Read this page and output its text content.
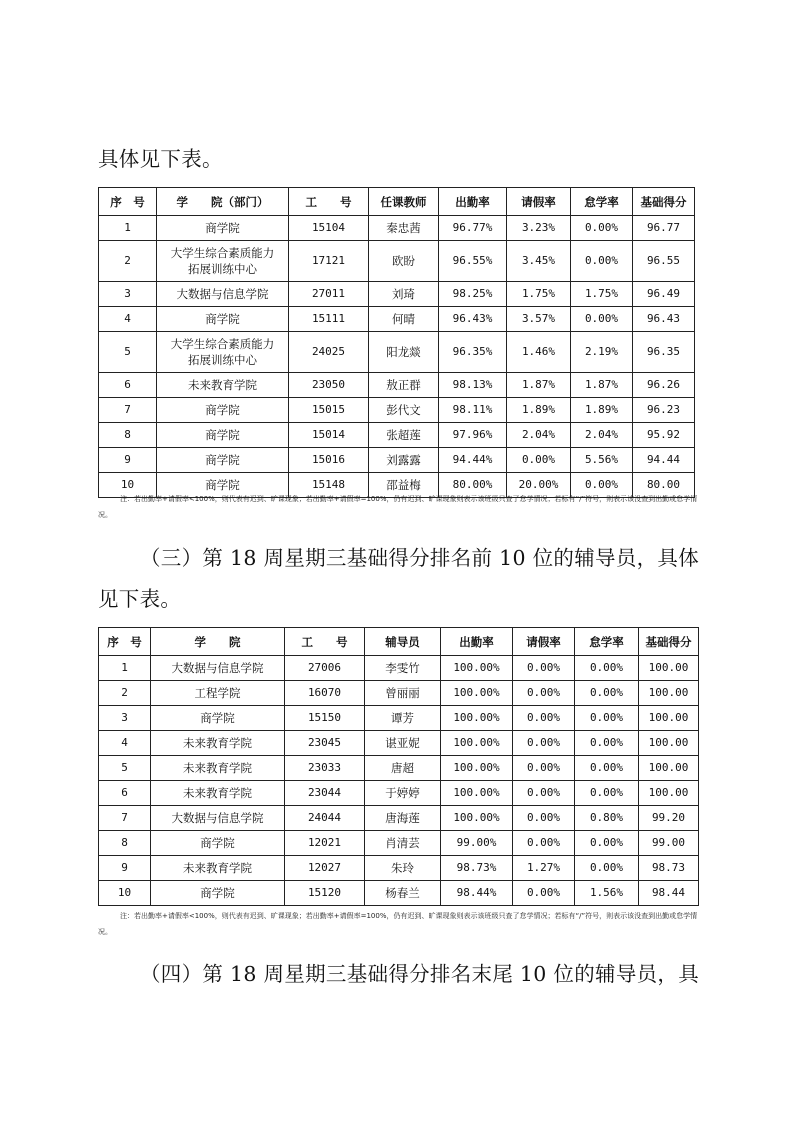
具体见下表。
序　号	学　　院（部门）	工　　号	任课教师	出勤率	请假率	怠学率	基础得分
1	商学院	15104	秦忠茜	96.77%	3.23%	0.00%	96.77
2	大学生综合素质能力拓展训练中心	17121	欧盼	96.55%	3.45%	0.00%	96.55
3	大数据与信息学院	27011	刘琦	98.25%	1.75%	1.75%	96.49
4	商学院	15111	何晴	96.43%	3.57%	0.00%	96.43
5	大学生综合素质能力拓展训练中心	24025	阳龙燚	96.35%	1.46%	2.19%	96.35
6	未来教育学院	23050	敖正群	98.13%	1.87%	1.87%	96.26
7	商学院	15015	彭代文	98.11%	1.89%	1.89%	96.23
8	商学院	15014	张超莲	97.96%	2.04%	2.04%	95.92
9	商学院	15016	刘露露	94.44%	0.00%	5.56%	94.44
10	商学院	15148	邵益梅	80.00%	20.00%	0.00%	80.00
注：若出勤率+请假率<100%，则代表有迟到、旷课现象；若出勤率+请假率=100%，仍有迟到、旷课现象则表示该班级只查了怠学情况；若标有“/”符号，则表示该没查到出勤或怠学情况。
（三）第 18 周星期三基础得分排名前 10 位的辅导员，具体
见下表。
序　号	学　　院	工　　号	辅导员	出勤率	请假率	怠学率	基础得分
1	大数据与信息学院	27006	李雯竹	100.00%	0.00%	0.00%	100.00
2	工程学院	16070	曾丽丽	100.00%	0.00%	0.00%	100.00
3	商学院	15150	谭芳	100.00%	0.00%	0.00%	100.00
4	未来教育学院	23045	谌亚妮	100.00%	0.00%	0.00%	100.00
5	未来教育学院	23033	唐超	100.00%	0.00%	0.00%	100.00
6	未来教育学院	23044	于婷婷	100.00%	0.00%	0.00%	100.00
7	大数据与信息学院	24044	唐海莲	100.00%	0.00%	0.80%	99.20
8	商学院	12021	肖清芸	99.00%	0.00%	0.00%	99.00
9	未来教育学院	12027	朱玲	98.73%	1.27%	0.00%	98.73
10	商学院	15120	杨春兰	98.44%	0.00%	1.56%	98.44
注：若出勤率+请假率<100%，则代表有迟到、旷课现象；若出勤率+请假率=100%，仍有迟到、旷课现象则表示该班级只查了怠学情况；若标有“/”符号，则表示该没查到出勤或怠学情况。
（四）第 18 周星期三基础得分排名末尾 10 位的辅导员，具
